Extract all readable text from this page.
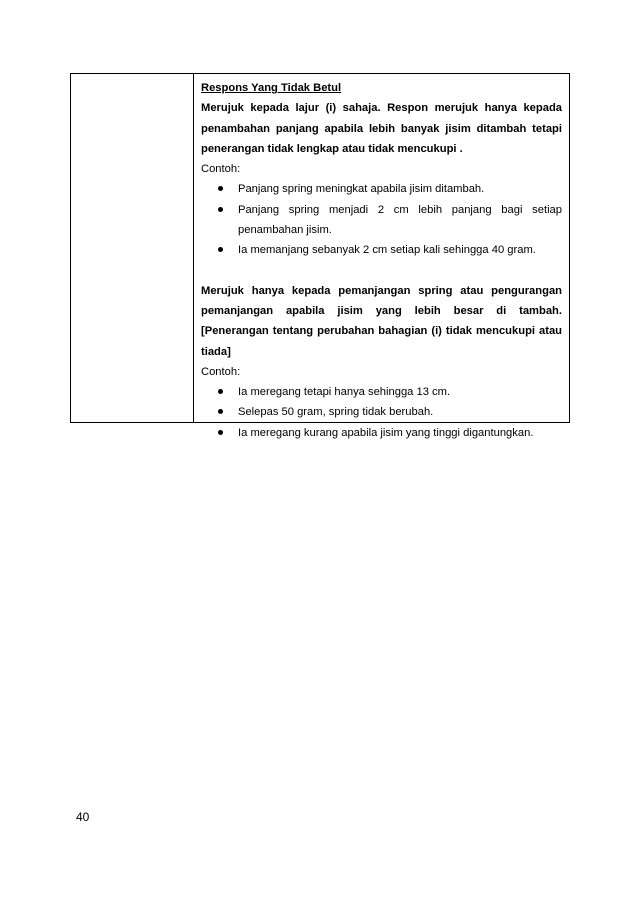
Respons Yang Tidak Betul

Merujuk kepada lajur (i) sahaja. Respon merujuk hanya kepada penambahan panjang apabila lebih banyak jisim ditambah tetapi penerangan tidak lengkap atau tidak mencukupi .

Contoh:

Panjang spring meningkat apabila jisim ditambah.
Panjang spring menjadi 2 cm lebih panjang bagi setiap penambahan jisim.
Ia memanjang sebanyak 2 cm setiap kali sehingga 40 gram.

Merujuk hanya kepada pemanjangan spring atau pengurangan pemanjangan apabila jisim yang lebih besar di tambah. [Penerangan tentang perubahan bahagian (i) tidak mencukupi atau tiada]

Contoh:

Ia meregang tetapi hanya sehingga 13 cm.
Selepas 50 gram, spring tidak berubah.
Ia meregang kurang apabila jisim yang tinggi digantungkan.
40
